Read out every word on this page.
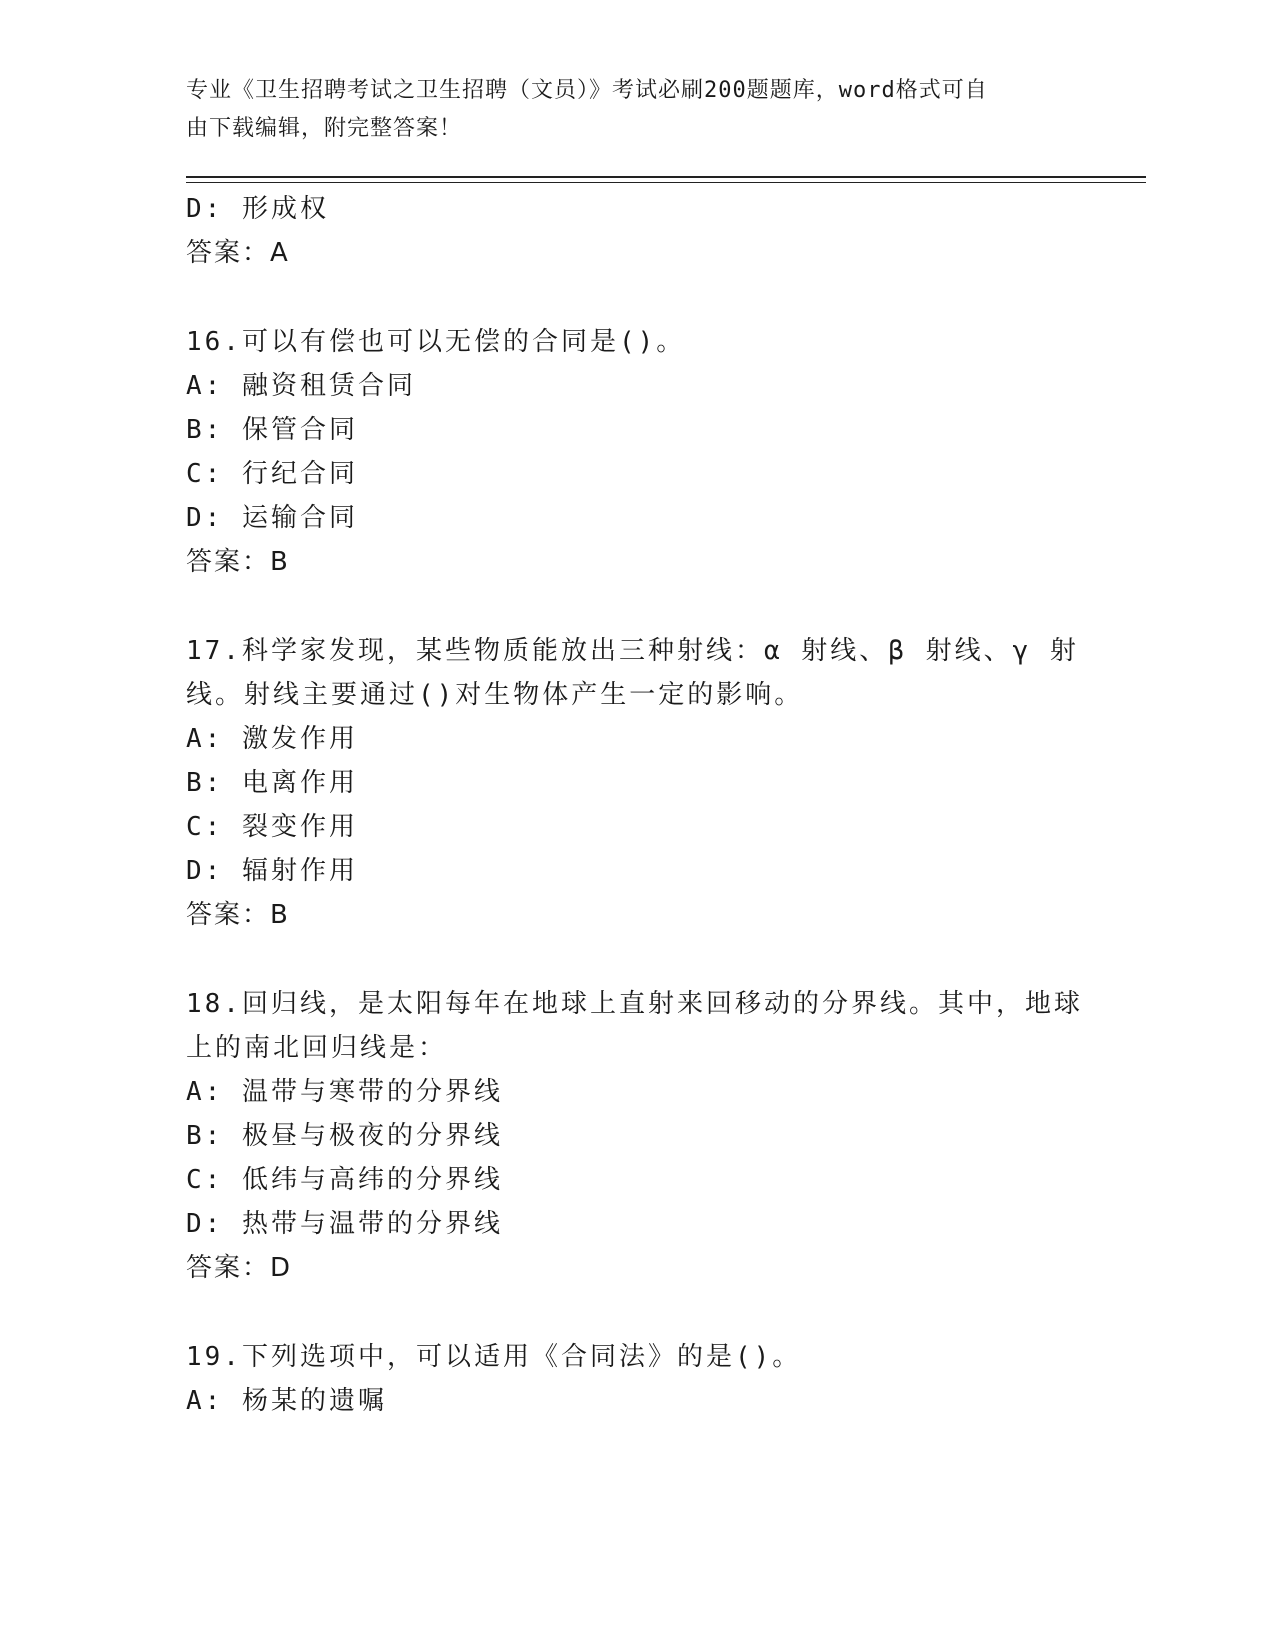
专业《卫生招聘考试之卫生招聘（文员）》考试必刷200题题库，word格式可自
由下载编辑，附完整答案！
D: 形成权
答案：A
16.可以有偿也可以无偿的合同是()。
A: 融资租赁合同
B: 保管合同
C: 行纪合同
D: 运输合同
答案：B
17.科学家发现，某些物质能放出三种射线：α 射线、β 射线、γ 射
线。射线主要通过()对生物体产生一定的影响。
A: 激发作用
B: 电离作用
C: 裂变作用
D: 辐射作用
答案：B
18.回归线，是太阳每年在地球上直射来回移动的分界线。其中，地球
上的南北回归线是：
A: 温带与寒带的分界线
B: 极昼与极夜的分界线
C: 低纬与高纬的分界线
D: 热带与温带的分界线
答案：D
19.下列选项中，可以适用《合同法》的是()。
A: 杨某的遗嘱
